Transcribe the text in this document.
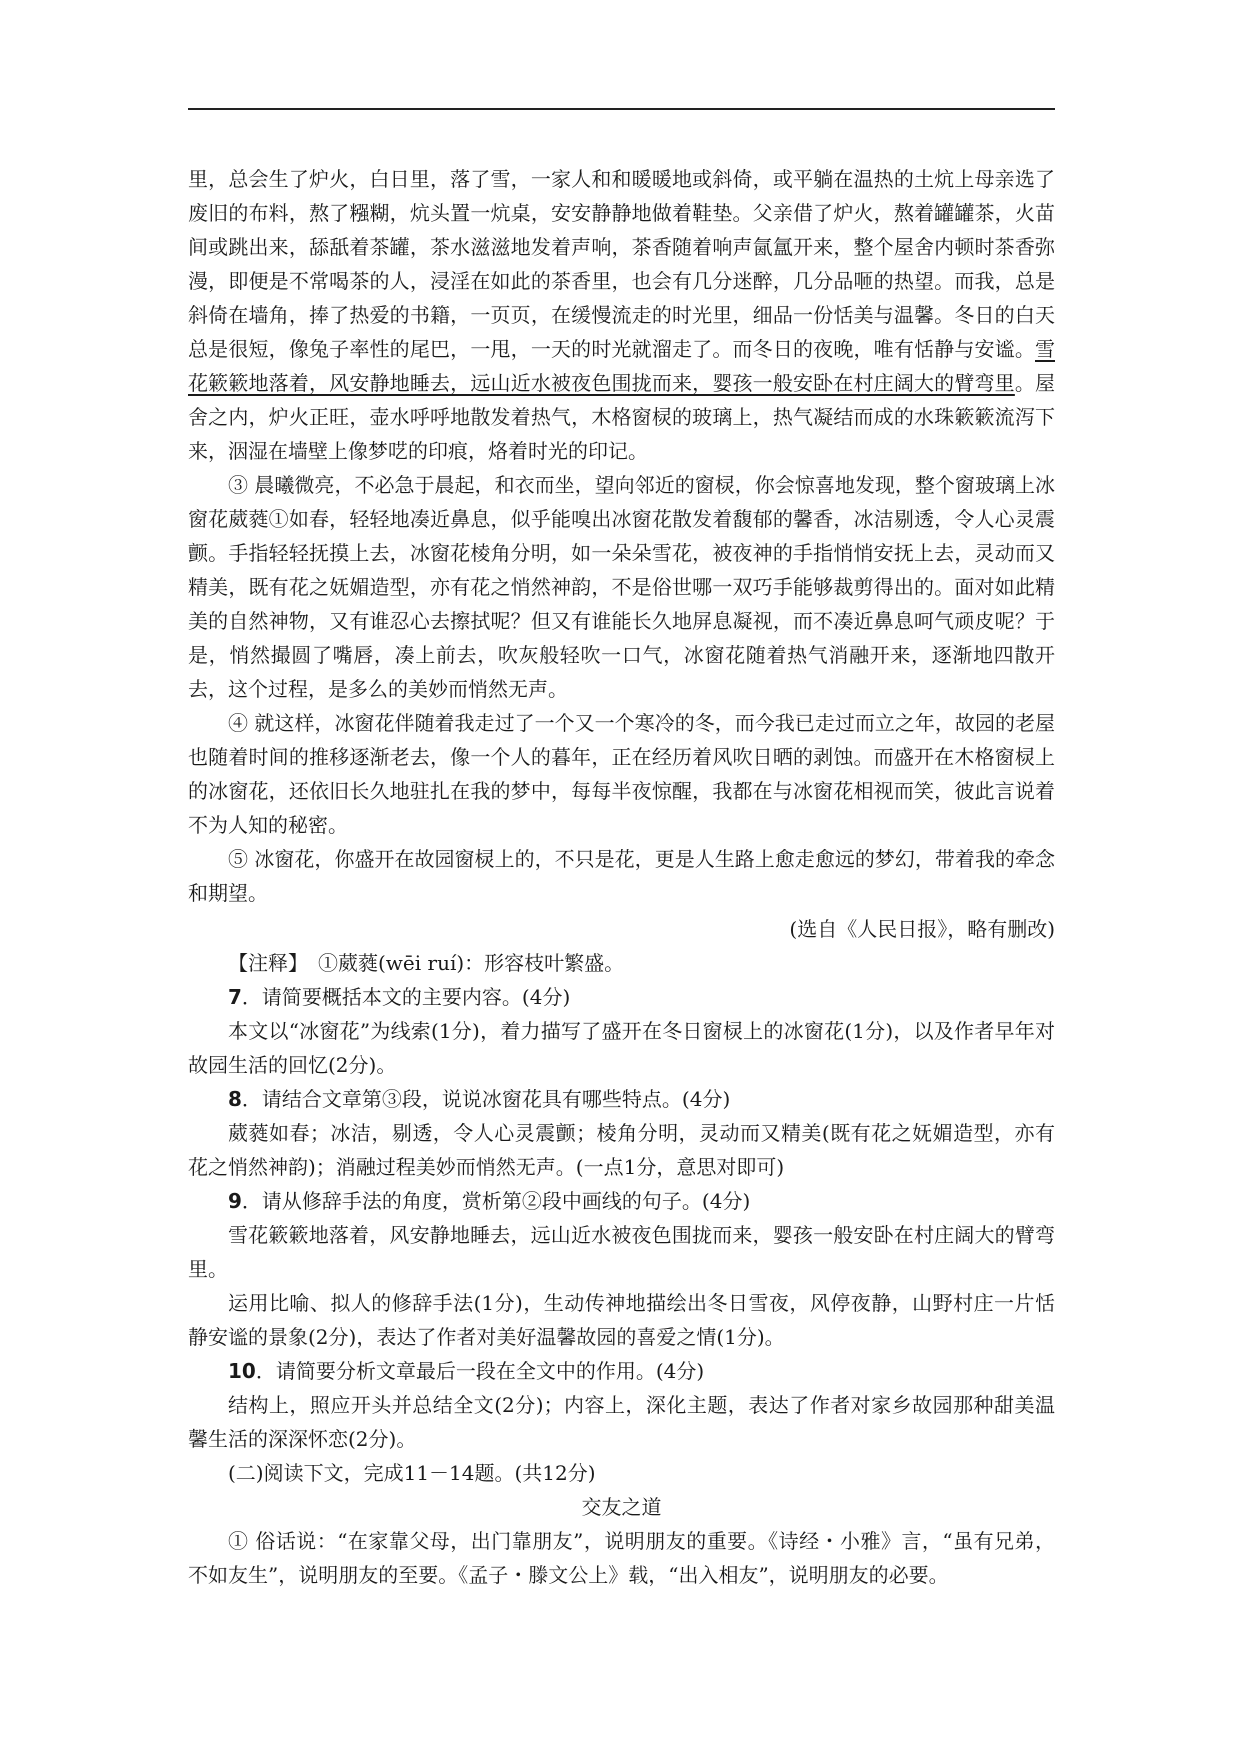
里，总会生了炉火，白日里，落了雪，一家人和和暖暖地或斜倚，或平躺在温热的土炕上母亲选了废旧的布料，熬了糨糊，炕头置一炕桌，安安静静地做着鞋垫。父亲借了炉火，熬着罐罐茶，火苗间或跳出来，舔舐着茶罐，茶水滋滋地发着声响，茶香随着响声氤氲开来，整个屋舍内顿时茶香弥漫，即便是不常喝茶的人，浸淫在如此的茶香里，也会有几分迷醉，几分品咂的热望。而我，总是斜倚在墙角，捧了热爱的书籍，一页页，在缓慢流走的时光里，细品一份恬美与温馨。冬日的白天总是很短，像兔子率性的尾巴，一甩，一天的时光就溜走了。而冬日的夜晚，唯有恬静与安谧。雪花簌簌地落着，风安静地睡去，远山近水被夜色围拢而来，婴孩一般安卧在村庄阔大的臂弯里。屋舍之内，炉火正旺，壶水呼呼地散发着热气，木格窗棂的玻璃上，热气凝结而成的水珠簌簌流泻下来，洇湿在墙壁上像梦呓的印痕，烙着时光的印记。

③ 晨曦微亮，不必急于晨起，和衣而坐，望向邻近的窗棂，你会惊喜地发现，整个窗玻璃上冰窗花葳蕤①如春，轻轻地凑近鼻息，似乎能嗅出冰窗花散发着馥郁的馨香，冰洁剔透，令人心灵震颤。手指轻轻抚摸上去，冰窗花棱角分明，如一朵朵雪花，被夜神的手指悄悄安抚上去，灵动而又精美，既有花之妩媚造型，亦有花之悄然神韵，不是俗世哪一双巧手能够裁剪得出的。面对如此精美的自然神物，又有谁忍心去擦拭呢？但又有谁能长久地屏息凝视，而不凑近鼻息呵气顽皮呢？于是，悄然撮圆了嘴唇，凑上前去，吹灰般轻吹一口气，冰窗花随着热气消融开来，逐渐地四散开去，这个过程，是多么的美妙而悄然无声。

④ 就这样，冰窗花伴随着我走过了一个又一个寒冷的冬，而今我已走过而立之年，故园的老屋也随着时间的推移逐渐老去，像一个人的暮年，正在经历着风吹日晒的剥蚀。而盛开在木格窗棂上的冰窗花，还依旧长久地驻扎在我的梦中，每每半夜惊醒，我都在与冰窗花相视而笑，彼此言说着不为人知的秘密。

⑤ 冰窗花，你盛开在故园窗棂上的，不只是花，更是人生路上愈走愈远的梦幻，带着我的牵念和期望。

(选自《人民日报》，略有删改)

【注释】　①葳蕤(wēi ruí)：形容枝叶繁盛。

7．请简要概括本文的主要内容。(4分)

本文以“冰窗花”为线索(1分)，着力描写了盛开在冬日窗棂上的冰窗花(1分)，以及作者早年对故园生活的回忆(2分)。

8．请结合文章第③段，说说冰窗花具有哪些特点。(4分)

葳蕤如春；冰洁，剔透，令人心灵震颤；棱角分明，灵动而又精美(既有花之妩媚造型，亦有花之悄然神韵)；消融过程美妙而悄然无声。(一点1分，意思对即可)

9．请从修辞手法的角度，赏析第②段中画线的句子。(4分)

雪花簌簌地落着，风安静地睡去，远山近水被夜色围拢而来，婴孩一般安卧在村庄阔大的臂弯里。

运用比喻、拟人的修辞手法(1分)，生动传神地描绘出冬日雪夜，风停夜静，山野村庄一片恬静安谧的景象(2分)，表达了作者对美好温馨故园的喜爱之情(1分)。

10．请简要分析文章最后一段在全文中的作用。(4分)

结构上，照应开头并总结全文(2分)；内容上，深化主题，表达了作者对家乡故园那种甜美温馨生活的深深怀恋(2分)。

(二)阅读下文，完成11－14题。(共12分)

交友之道

① 俗话说：“在家靠父母，出门靠朋友”，说明朋友的重要。《诗经・小雅》言，“虽有兄弟，不如友生”，说明朋友的至要。《孟子・滕文公上》载，“出入相友”，说明朋友的必要。
